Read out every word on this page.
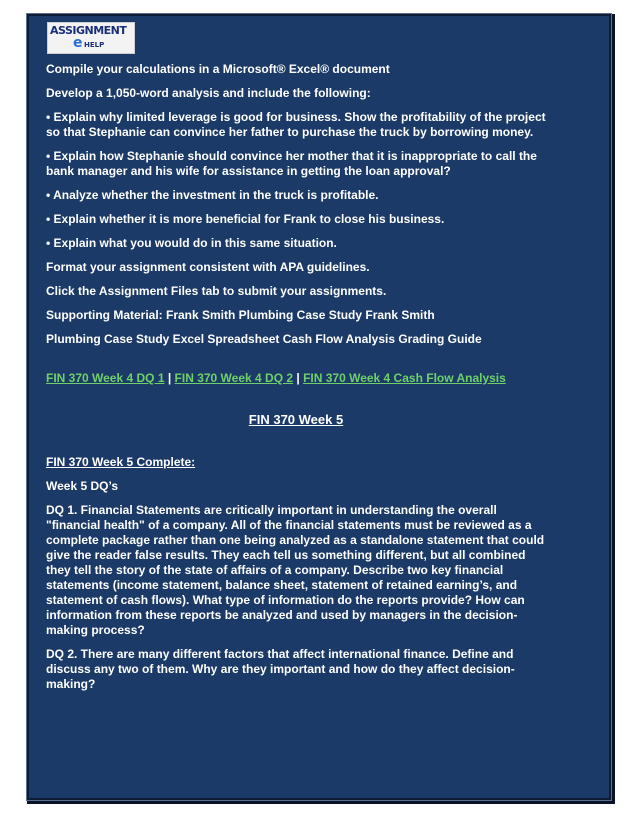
ASSIGNMENT
e HELP

Compile your calculations in a Microsoft® Excel® document

Develop a 1,050-word analysis and include the following:

• Explain why limited leverage is good for business. Show the profitability of the project so that Stephanie can convince her father to purchase the truck by borrowing money.

• Explain how Stephanie should convince her mother that it is inappropriate to call the bank manager and his wife for assistance in getting the loan approval?

• Analyze whether the investment in the truck is profitable.

• Explain whether it is more beneficial for Frank to close his business.

• Explain what you would do in this same situation.

Format your assignment consistent with APA guidelines.

Click the Assignment Files tab to submit your assignments.

Supporting Material: Frank Smith Plumbing Case Study Frank Smith

Plumbing Case Study Excel Spreadsheet Cash Flow Analysis Grading Guide

FIN 370 Week 4 DQ 1 | FIN 370 Week 4 DQ 2 | FIN 370 Week 4 Cash Flow Analysis

FIN 370 Week 5

FIN 370 Week 5 Complete:

Week 5 DQ’s

DQ 1. Financial Statements are critically important in understanding the overall "financial health" of a company. All of the financial statements must be reviewed as a complete package rather than one being analyzed as a standalone statement that could give the reader false results. They each tell us something different, but all combined they tell the story of the state of affairs of a company. Describe two key financial statements (income statement, balance sheet, statement of retained earning’s, and statement of cash flows). What type of information do the reports provide? How can information from these reports be analyzed and used by managers in the decision-making process?

DQ 2. There are many different factors that affect international finance. Define and discuss any two of them. Why are they important and how do they affect decision-making?
